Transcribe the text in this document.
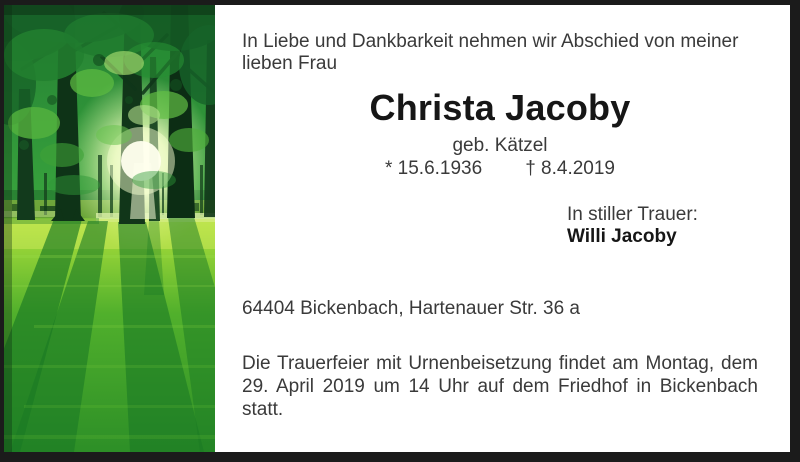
In Liebe und Dankbarkeit nehmen wir Abschied von meiner
lieben Frau
Christa Jacoby
geb. Kätzel
* 15.6.1936 † 8.4.2019
In stiller Trauer:
Willi Jacoby
64404 Bickenbach, Hartenauer Str. 36 a
Die Trauerfeier mit Urnenbeisetzung findet am Montag, dem
29. April 2019 um 14 Uhr auf dem Friedhof in Bickenbach
statt.
